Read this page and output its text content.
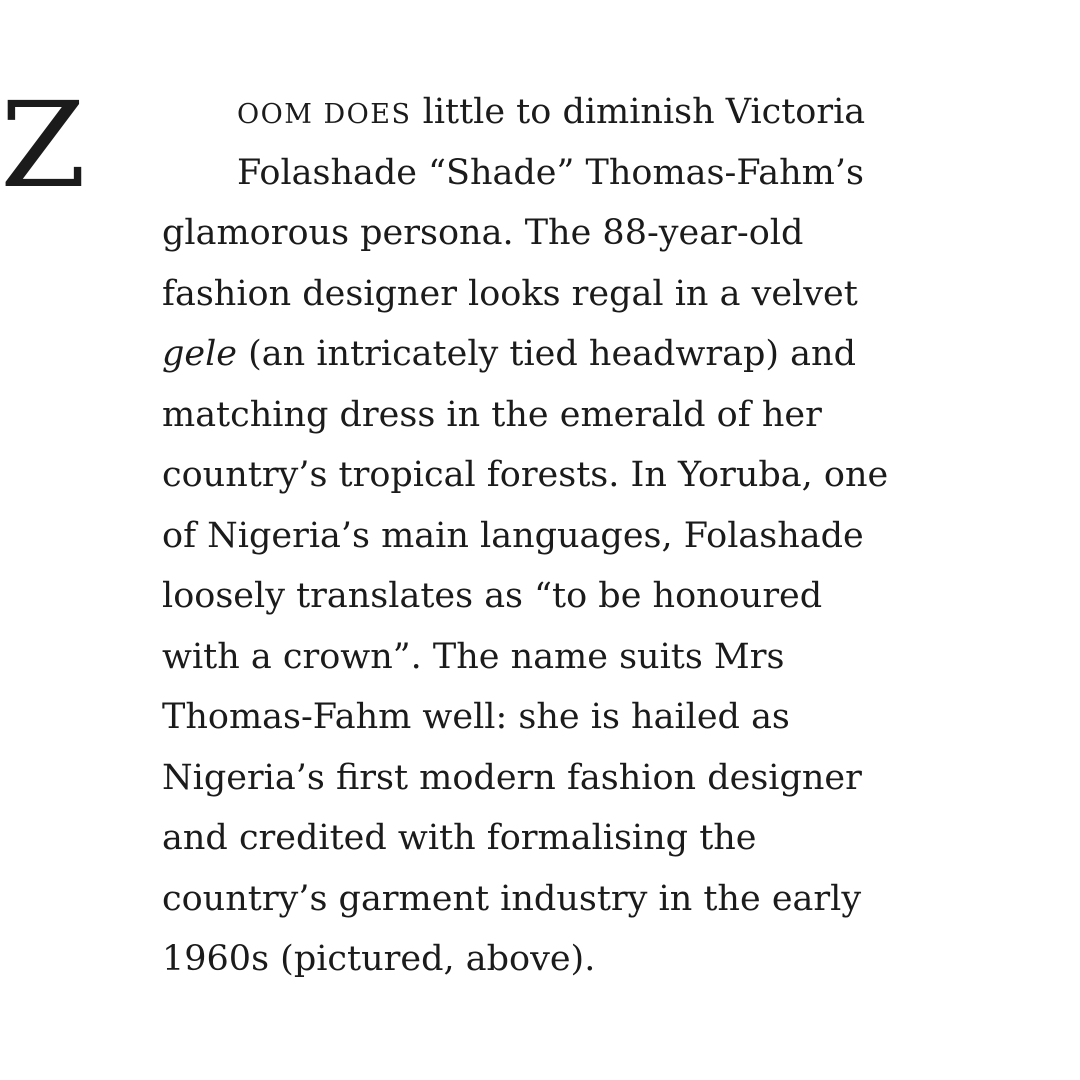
Z	OOM DOES little to diminish Victoria
Folashade “Shade” Thomas-Fahm’s
glamorous persona. The 88-year-old
fashion designer looks regal in a velvet
gele (an intricately tied headwrap) and
matching dress in the emerald of her
country’s tropical forests. In Yoruba, one
of Nigeria’s main languages, Folashade
loosely translates as “to be honoured
with a crown”. The name suits Mrs
Thomas-Fahm well: she is hailed as
Nigeria’s first modern fashion designer
and credited with formalising the
country’s garment industry in the early
1960s (pictured, above).
